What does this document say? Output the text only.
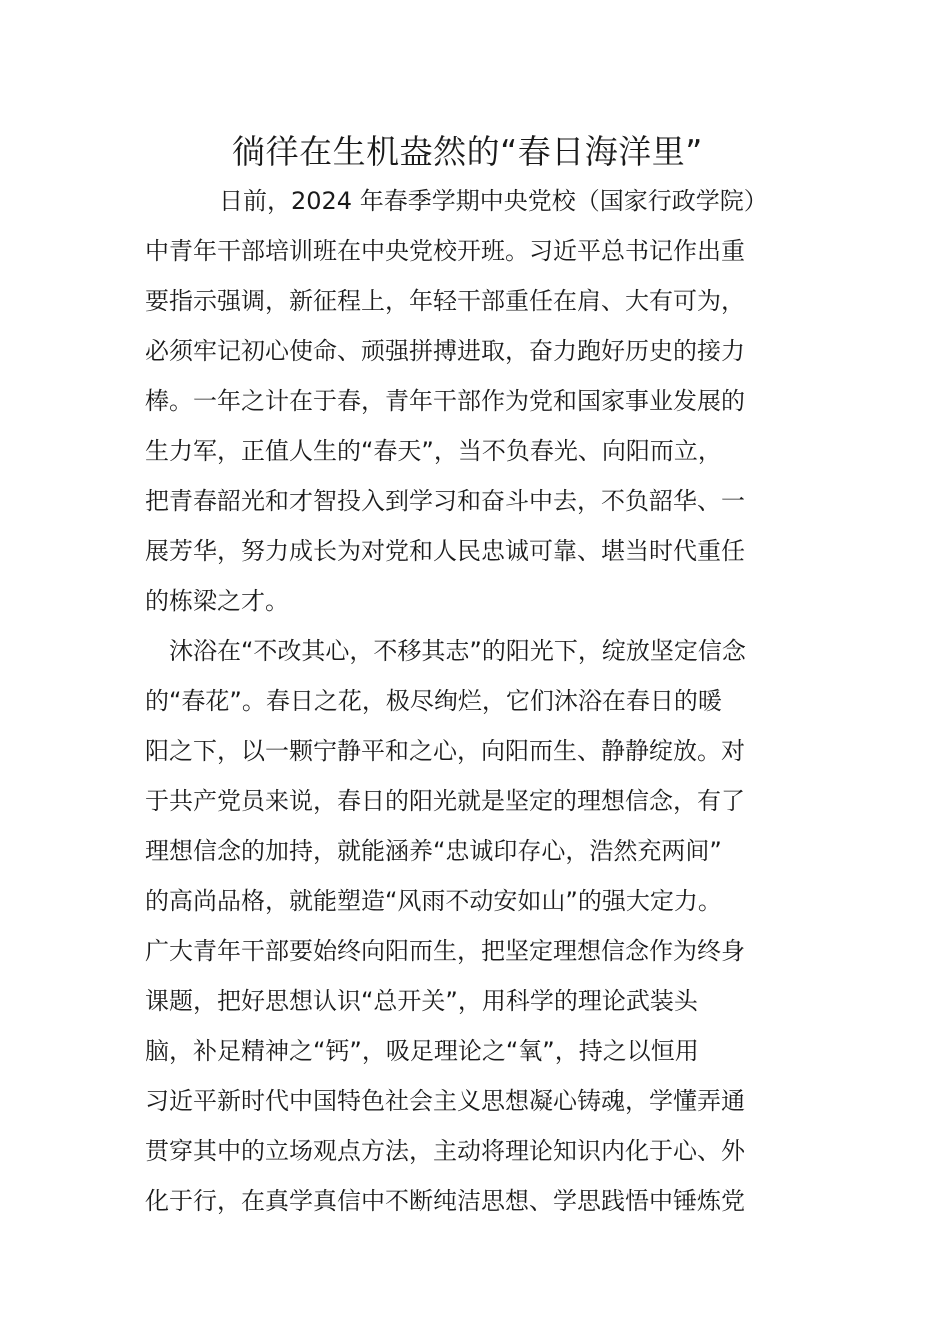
徜徉在生机盎然的“春日海洋里”

日前，2024 年春季学期中央党校（国家行政学院）

中青年干部培训班在中央党校开班。习近平总书记作出重

要指示强调，新征程上，年轻干部重任在肩、大有可为，

必须牢记初心使命、顽强拼搏进取，奋力跑好历史的接力

棒。一年之计在于春，青年干部作为党和国家事业发展的

生力军，正值人生的“春天”，当不负春光、向阳而立，

把青春韶光和才智投入到学习和奋斗中去，不负韶华、一

展芳华，努力成长为对党和人民忠诚可靠、堪当时代重任

的栋梁之才。

沐浴在“不改其心，不移其志”的阳光下，绽放坚定信念

的“春花”。春日之花，极尽绚烂，它们沐浴在春日的暖

阳之下，以一颗宁静平和之心，向阳而生、静静绽放。对

于共产党员来说，春日的阳光就是坚定的理想信念，有了

理想信念的加持，就能涵养“忠诚印存心，浩然充两间”

的高尚品格，就能塑造“风雨不动安如山”的强大定力。

广大青年干部要始终向阳而生，把坚定理想信念作为终身

课题，把好思想认识“总开关”，用科学的理论武装头

脑，补足精神之“钙”，吸足理论之“氧”，持之以恒用

习近平新时代中国特色社会主义思想凝心铸魂，学懂弄通

贯穿其中的立场观点方法，主动将理论知识内化于心、外

化于行，在真学真信中不断纯洁思想、学思践悟中锤炼党
